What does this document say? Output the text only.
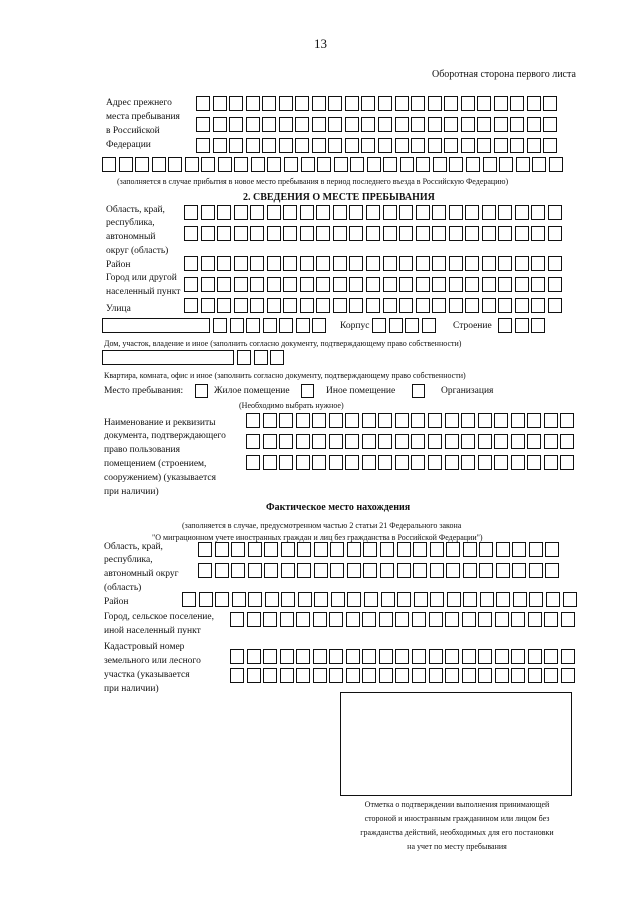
13
Оборотная сторона первого листа
Адрес прежнего
места пребывания
в Российской
Федерации
(заполняется в случае прибытия в новое место пребывания в период последнего въезда в Российскую Федерацию)
2. СВЕДЕНИЯ О МЕСТЕ ПРЕБЫВАНИЯ
Область, край,
республика,
автономный
округ (область)
Район
Город или другой
населенный пункт
Улица
Корпус	Строение
Дом, участок, владение и иное (заполнить согласно документу, подтверждающему право собственности)
Квартира, комната, офис и иное (заполнить согласно документу, подтверждающему право собственности)
Место пребывания:	Жилое помещение	Иное помещение	Организация
(Необходимо выбрать нужное)
Наименование и реквизиты
документа, подтверждающего
право пользования
помещением (строением,
сооружением) (указывается
при наличии)
Фактическое место нахождения
(заполняется в случае, предусмотренном частью 2 статьи 21 Федерального закона
"О миграционном учете иностранных граждан и лиц без гражданства в Российской Федерации")
Область, край,
республика,
автономный округ
(область)
Район
Город, сельское поселение,
иной населенный пункт
Кадастровый номер
земельного или лесного
участка (указывается
при наличии)
Отметка о подтверждении выполнения принимающей
стороной и иностранным гражданином или лицом без
гражданства действий, необходимых для его постановки
на учет по месту пребывания
